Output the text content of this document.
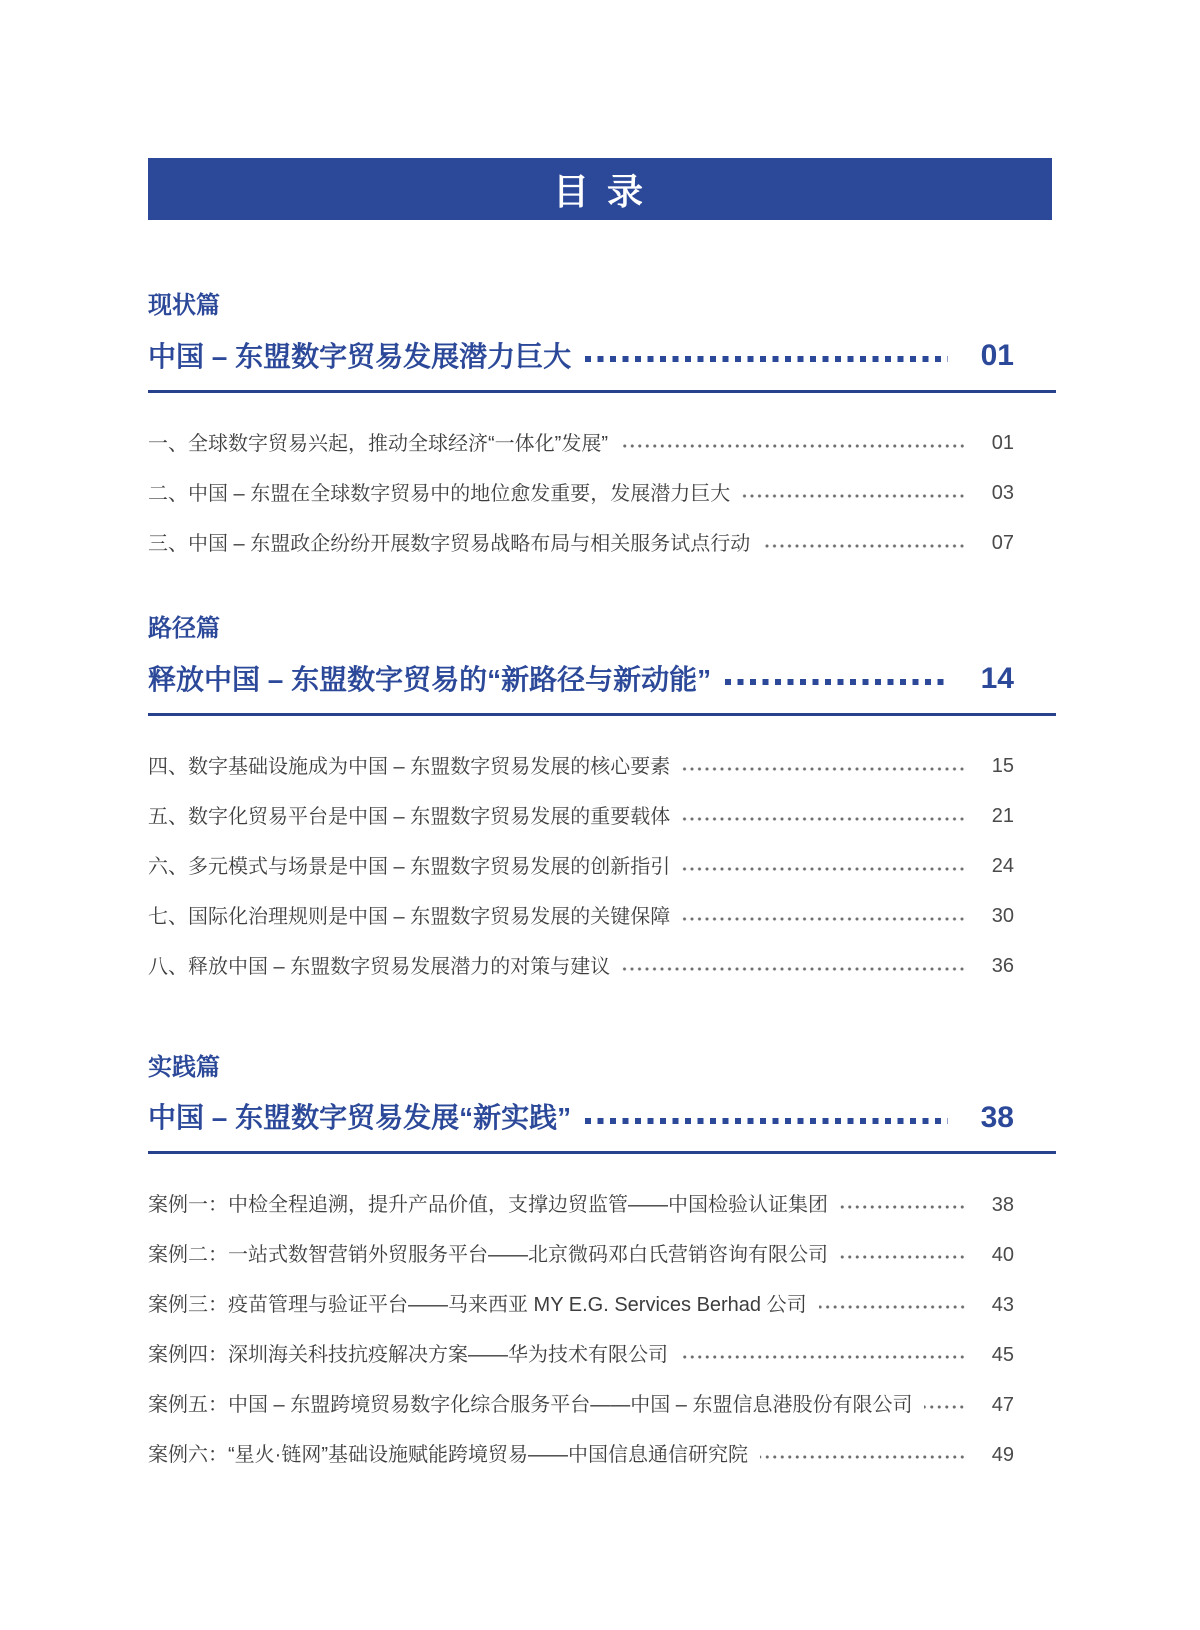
目 录
现状篇
中国 – 东盟数字贸易发展潜力巨大	01
一、全球数字贸易兴起，推动全球经济“一体化”发展”	01
二、中国 – 东盟在全球数字贸易中的地位愈发重要，发展潜力巨大	03
三、中国 – 东盟政企纷纷开展数字贸易战略布局与相关服务试点行动	07
路径篇
释放中国 – 东盟数字贸易的“新路径与新动能”	14
四、数字基础设施成为中国 – 东盟数字贸易发展的核心要素	15
五、数字化贸易平台是中国 – 东盟数字贸易发展的重要载体	21
六、多元模式与场景是中国 – 东盟数字贸易发展的创新指引	24
七、国际化治理规则是中国 – 东盟数字贸易发展的关键保障	30
八、释放中国 – 东盟数字贸易发展潜力的对策与建议	36
实践篇
中国 – 东盟数字贸易发展“新实践”	38
案例一：中检全程追溯，提升产品价值，支撑边贸监管——中国检验认证集团	38
案例二：一站式数智营销外贸服务平台——北京微码邓白氏营销咨询有限公司	40
案例三：疫苗管理与验证平台——马来西亚 MY E.G. Services Berhad 公司	43
案例四：深圳海关科技抗疫解决方案——华为技术有限公司	45
案例五：中国 – 东盟跨境贸易数字化综合服务平台——中国 – 东盟信息港股份有限公司	47
案例六：“星火·链网”基础设施赋能跨境贸易——中国信息通信研究院	49
